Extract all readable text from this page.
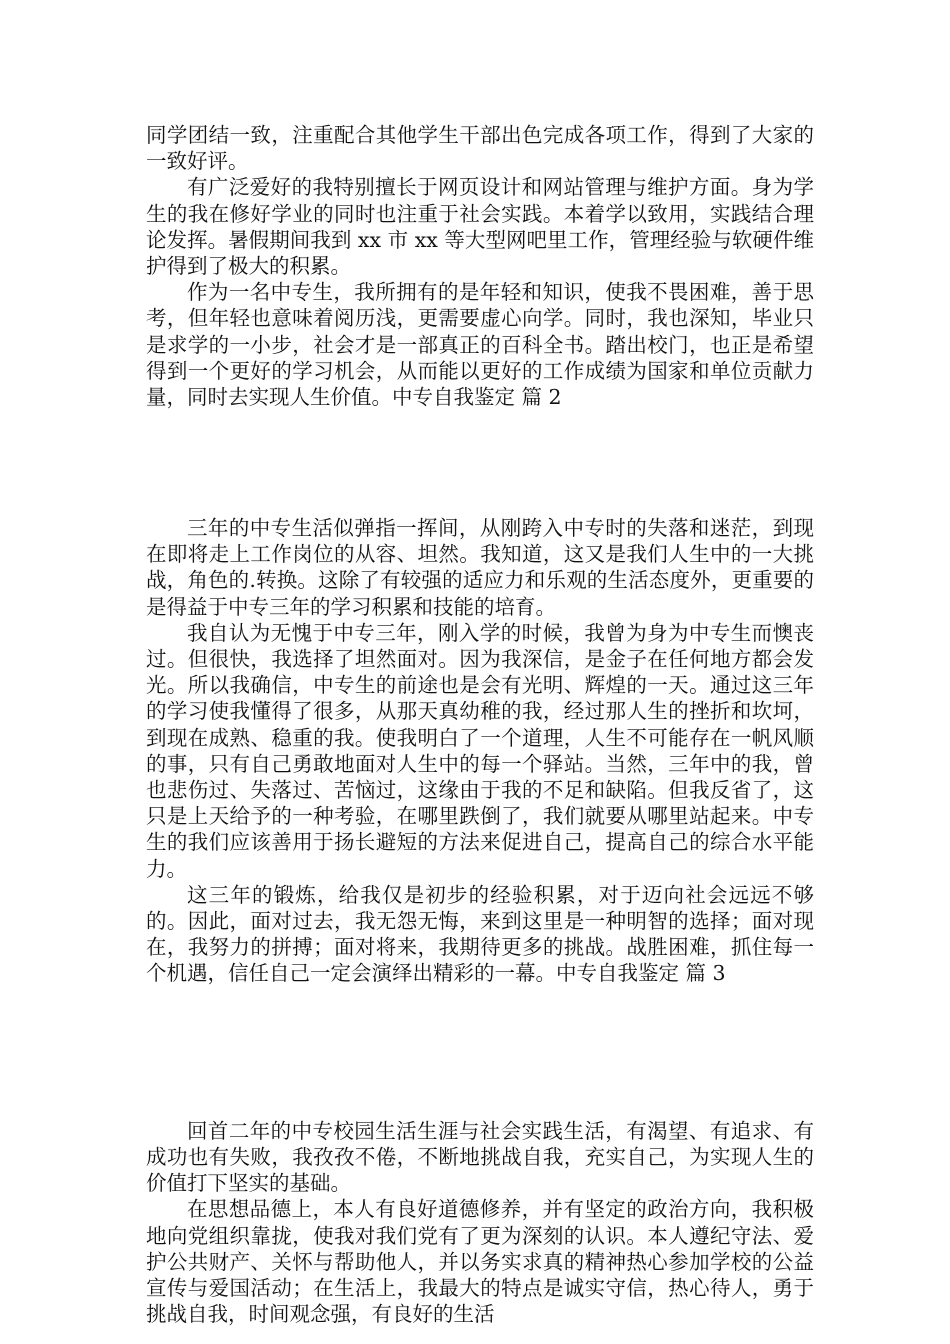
同学团结一致，注重配合其他学生干部出色完成各项工作，得到了大家的一致好评。

有广泛爱好的我特别擅长于网页设计和网站管理与维护方面。身为学生的我在修好学业的同时也注重于社会实践。本着学以致用，实践结合理论发挥。暑假期间我到 xx 市 xx 等大型网吧里工作，管理经验与软硬件维护得到了极大的积累。

作为一名中专生，我所拥有的是年轻和知识，使我不畏困难，善于思考，但年轻也意味着阅历浅，更需要虚心向学。同时，我也深知，毕业只是求学的一小步，社会才是一部真正的百科全书。踏出校门，也正是希望得到一个更好的学习机会，从而能以更好的工作成绩为国家和单位贡献力量，同时去实现人生价值。中专自我鉴定 篇 2

三年的中专生活似弹指一挥间，从刚跨入中专时的失落和迷茫，到现在即将走上工作岗位的从容、坦然。我知道，这又是我们人生中的一大挑战，角色的.转换。这除了有较强的适应力和乐观的生活态度外，更重要的是得益于中专三年的学习积累和技能的培育。

我自认为无愧于中专三年，刚入学的时候，我曾为身为中专生而懊丧过。但很快，我选择了坦然面对。因为我深信，是金子在任何地方都会发光。所以我确信，中专生的前途也是会有光明、辉煌的一天。通过这三年的学习使我懂得了很多，从那天真幼稚的我，经过那人生的挫折和坎坷，到现在成熟、稳重的我。使我明白了一个道理，人生不可能存在一帆风顺的事，只有自己勇敢地面对人生中的每一个驿站。当然，三年中的我，曾也悲伤过、失落过、苦恼过，这缘由于我的不足和缺陷。但我反省了，这只是上天给予的一种考验，在哪里跌倒了，我们就要从哪里站起来。中专生的我们应该善用于扬长避短的方法来促进自己，提高自己的综合水平能力。

这三年的锻炼，给我仅是初步的经验积累，对于迈向社会远远不够的。因此，面对过去，我无怨无悔，来到这里是一种明智的选择；面对现在，我努力的拼搏；面对将来，我期待更多的挑战。战胜困难，抓住每一个机遇，信任自己一定会演绎出精彩的一幕。中专自我鉴定 篇 3

回首二年的中专校园生活生涯与社会实践生活，有渴望、有追求、有成功也有失败，我孜孜不倦，不断地挑战自我，充实自己，为实现人生的价值打下坚实的基础。

在思想品德上，本人有良好道德修养，并有坚定的政治方向，我积极地向党组织靠拢，使我对我们党有了更为深刻的认识。本人遵纪守法、爱护公共财产、关怀与帮助他人，并以务实求真的精神热心参加学校的公益宣传与爱国活动；在生活上，我最大的特点是诚实守信，热心待人，勇于挑战自我，时间观念强，有良好的生活
